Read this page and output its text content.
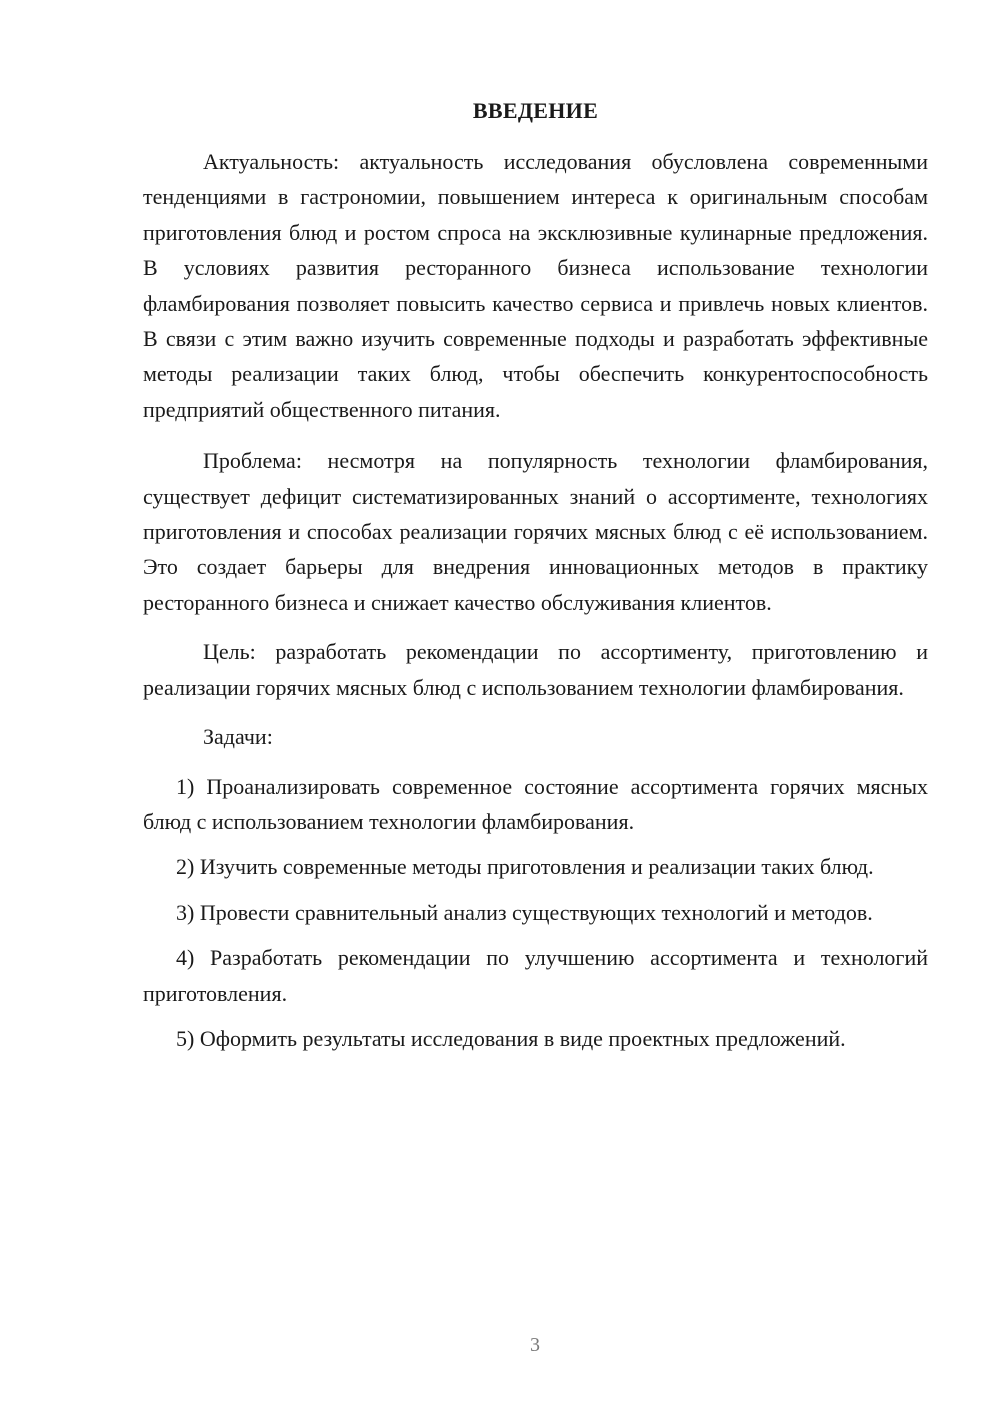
ВВЕДЕНИЕ

Актуальность: актуальность исследования обусловлена современными тенденциями в гастрономии, повышением интереса к оригинальным способам приготовления блюд и ростом спроса на эксклюзивные кулинарные предложения. В условиях развития ресторанного бизнеса использование технологии фламбирования позволяет повысить качество сервиса и привлечь новых клиентов. В связи с этим важно изучить современные подходы и разработать эффективные методы реализации таких блюд, чтобы обеспечить конкурентоспособность предприятий общественного питания.

Проблема: несмотря на популярность технологии фламбирования, существует дефицит систематизированных знаний о ассортименте, технологиях приготовления и способах реализации горячих мясных блюд с её использованием. Это создает барьеры для внедрения инновационных методов в практику ресторанного бизнеса и снижает качество обслуживания клиентов.

Цель: разработать рекомендации по ассортименту, приготовлению и реализации горячих мясных блюд с использованием технологии фламбирования.

Задачи:

1) Проанализировать современное состояние ассортимента горячих мясных блюд с использованием технологии фламбирования.

2) Изучить современные методы приготовления и реализации таких блюд.

3) Провести сравнительный анализ существующих технологий и методов.

4) Разработать рекомендации по улучшению ассортимента и технологий приготовления.

5) Оформить результаты исследования в виде проектных предложений.

3
